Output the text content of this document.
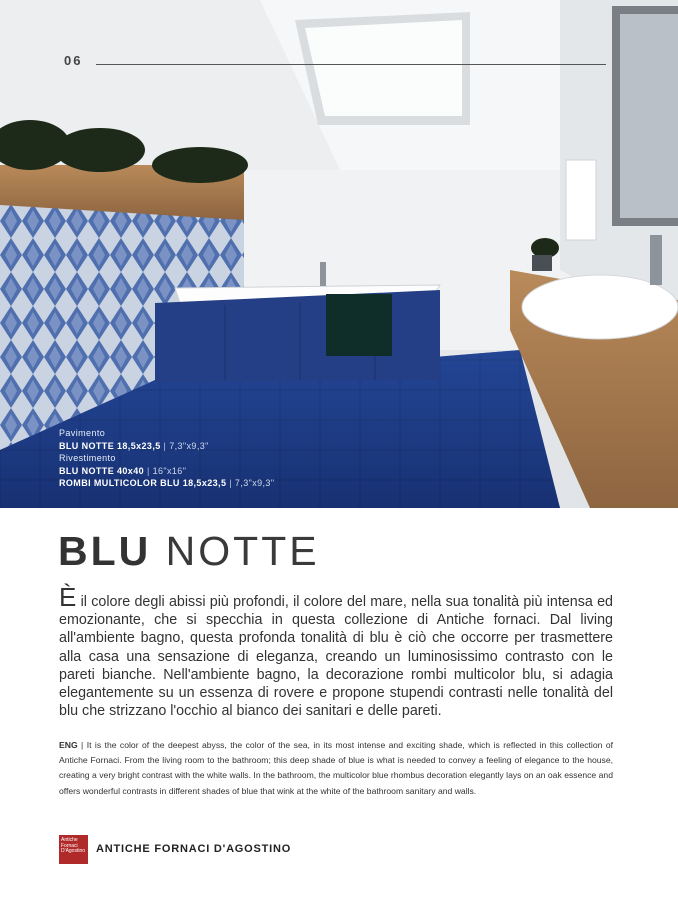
06
Pavimento
BLU NOTTE 18,5x23,5 | 7,3"x9,3"
Rivestimento
BLU NOTTE 40x40 | 16"x16"
ROMBI MULTICOLOR BLU 18,5x23,5 | 7,3"x9,3"
BLU NOTTE
È il colore degli abissi più profondi, il colore del mare, nella sua tonalità più intensa ed emozionante, che si specchia in questa collezione di Antiche fornaci. Dal living all'ambiente bagno, questa profonda tonalità di blu è ciò che occorre per trasmettere alla casa una sensazione di eleganza, creando un luminosissimo contrasto con le pareti bianche. Nell'ambiente bagno, la decorazione rombi multicolor blu, si adagia elegantemente su un essenza di rovere e propone stupendi contrasti nelle tonalità del blu che strizzano l'occhio al bianco dei sanitari e delle pareti.
ENG | It is the color of the deepest abyss, the color of the sea, in its most intense and exciting shade, which is reflected in this collection of Antiche Fornaci. From the living room to the bathroom; this deep shade of blue is what is needed to convey a feeling of elegance to the house, creating a very bright contrast with the white walls. In the bathroom, the multicolor blue rhombus decoration elegantly lays on an oak essence and offers wonderful contrasts in different shades of blue that wink at the white of the bathroom sanitary and walls.
Antiche Fornaci D'Agostino ANTICHE FORNACI D'AGOSTINO
